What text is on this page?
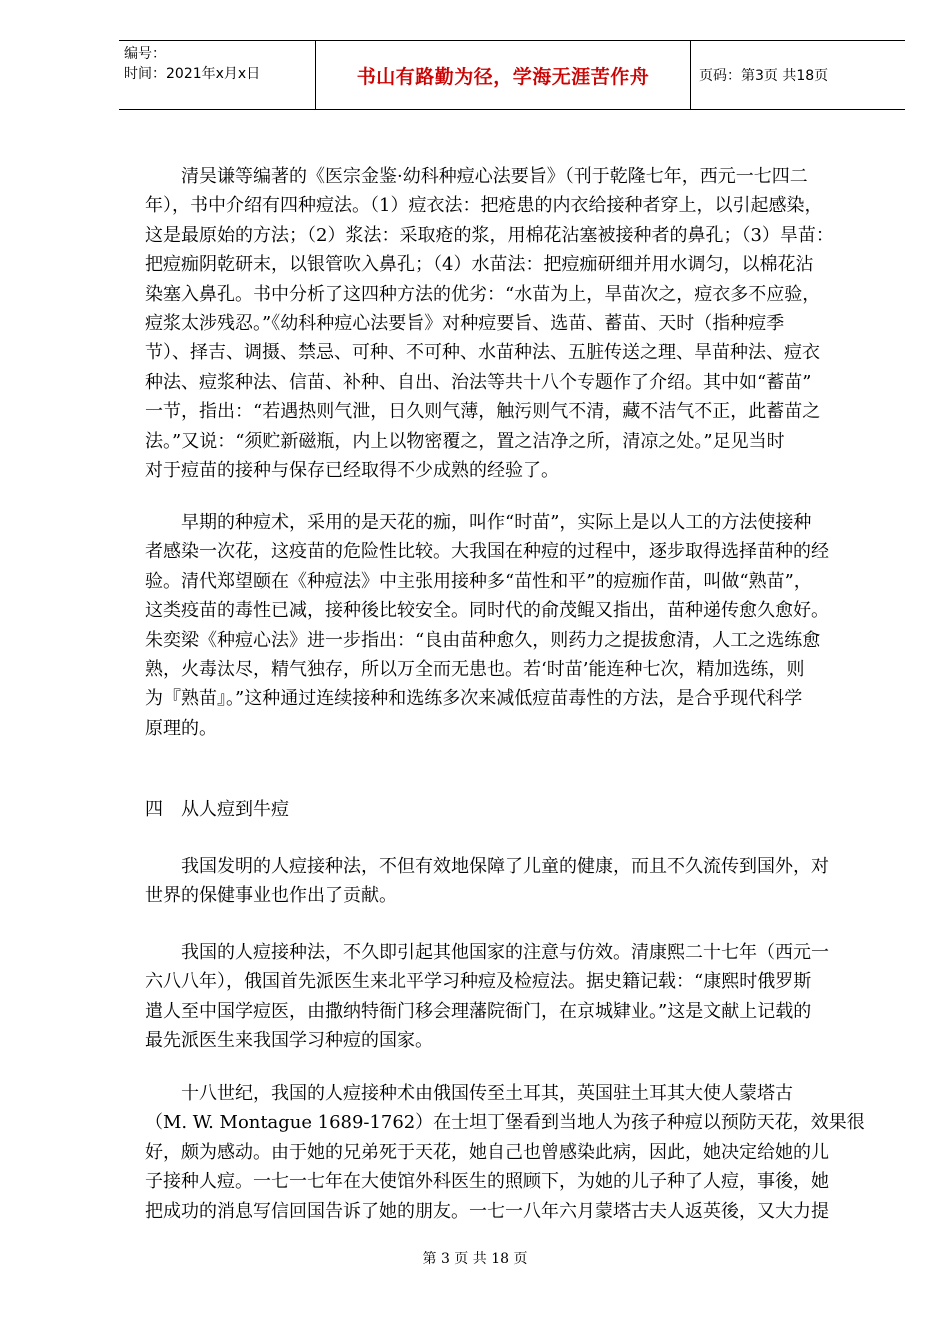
编号：
时间：2021年x月x日	书山有路勤为径，学海无涯苦作舟	页码：第3页 共18页
清吴谦等编著的《医宗金鉴·幼科种痘心法要旨》（刊于乾隆七年，西元一七四二
年），书中介绍有四种痘法。（1）痘衣法：把疮患的内衣给接种者穿上，以引起感染，
这是最原始的方法；（2）浆法：采取疮的浆，用棉花沾塞被接种者的鼻孔；（3）旱苗：
把痘痂阴乾研末，以银管吹入鼻孔；（4）水苗法：把痘痂研细并用水调匀，以棉花沾
染塞入鼻孔。书中分析了这四种方法的优劣：“水苗为上，旱苗次之，痘衣多不应验，
痘浆太涉残忍。”《幼科种痘心法要旨》对种痘要旨、选苗、蓄苗、天时（指种痘季
节）、择吉、调摄、禁忌、可种、不可种、水苗种法、五脏传送之理、旱苗种法、痘衣
种法、痘浆种法、信苗、补种、自出、治法等共十八个专题作了介绍。其中如“蓄苗”
一节，指出：“若遇热则气泄，日久则气薄，触污则气不清，藏不洁气不正，此蓄苗之
法。”又说：“须贮新磁瓶，内上以物密覆之，置之洁净之所，清凉之处。”足见当时
对于痘苗的接种与保存已经取得不少成熟的经验了。
早期的种痘术，采用的是天花的痂，叫作“时苗”，实际上是以人工的方法使接种
者感染一次花，这疫苗的危险性比较。大我国在种痘的过程中，逐步取得选择苗种的经
验。清代郑望颐在《种痘法》中主张用接种多“苗性和平”的痘痂作苗，叫做“熟苗”，
这类疫苗的毒性已减，接种後比较安全。同时代的俞茂鲲又指出，苗种递传愈久愈好。
朱奕梁《种痘心法》进一步指出：“良由苗种愈久，则药力之提拔愈清，人工之选练愈
熟，火毒汰尽，精气独存，所以万全而无患也。若‘时苗’能连种七次，精加选练，则
为『熟苗』。”这种通过连续接种和选练多次来减低痘苗毒性的方法，是合乎现代科学
原理的。
四　从人痘到牛痘
我国发明的人痘接种法，不但有效地保障了儿童的健康，而且不久流传到国外，对
世界的保健事业也作出了贡献。
我国的人痘接种法，不久即引起其他国家的注意与仿效。清康熙二十七年（西元一
六八八年），俄国首先派医生来北平学习种痘及检痘法。据史籍记载：“康熙时俄罗斯
遣人至中国学痘医，由撒纳特衙门移会理藩院衙门，在京城肄业。”这是文献上记载的
最先派医生来我国学习种痘的国家。
十八世纪，我国的人痘接种术由俄国传至土耳其，英国驻土耳其大使人蒙塔古
（M. W. Montague 1689-1762）在士坦丁堡看到当地人为孩子种痘以预防天花，效果很
好，颇为感动。由于她的兄弟死于天花，她自己也曾感染此病，因此，她决定给她的儿
子接种人痘。一七一七年在大使馆外科医生的照顾下，为她的儿子种了人痘，事後，她
把成功的消息写信回国告诉了她的朋友。一七一八年六月蒙塔古夫人返英後，又大力提
第 3 页 共 18 页
